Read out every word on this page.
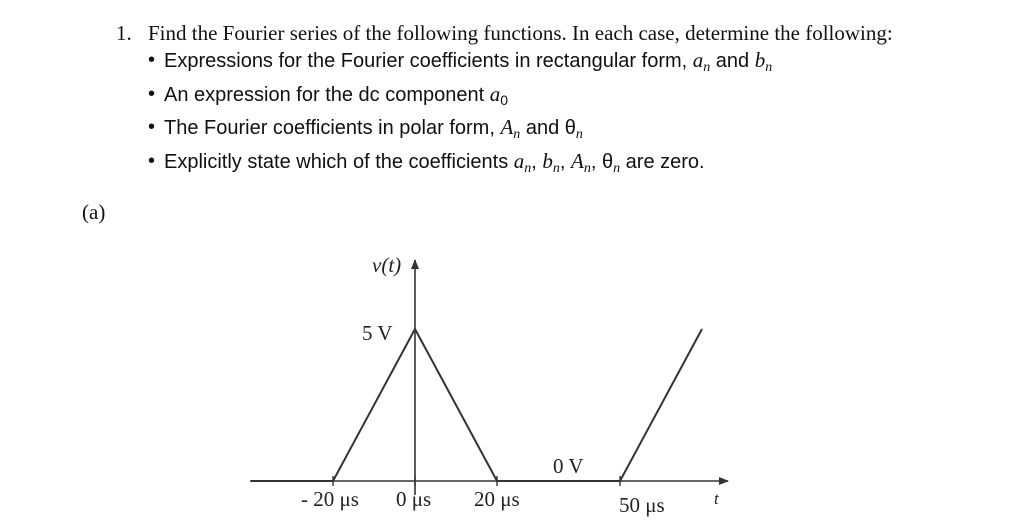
1. Find the Fourier series of the following functions. In each case, determine the following:
• Expressions for the Fourier coefficients in rectangular form, $a_n$ and $b_n$
• An expression for the dc component $a_0$
• The Fourier coefficients in polar form, $A_n$ and $\theta_n$
• Explicitly state which of the coefficients $a_n$, $b_n$, $A_n$, $\theta_n$ are zero.
(a)
v(t)
t
5 V
0 V
- 20 μs 0 μs 20 μs	50 μs
